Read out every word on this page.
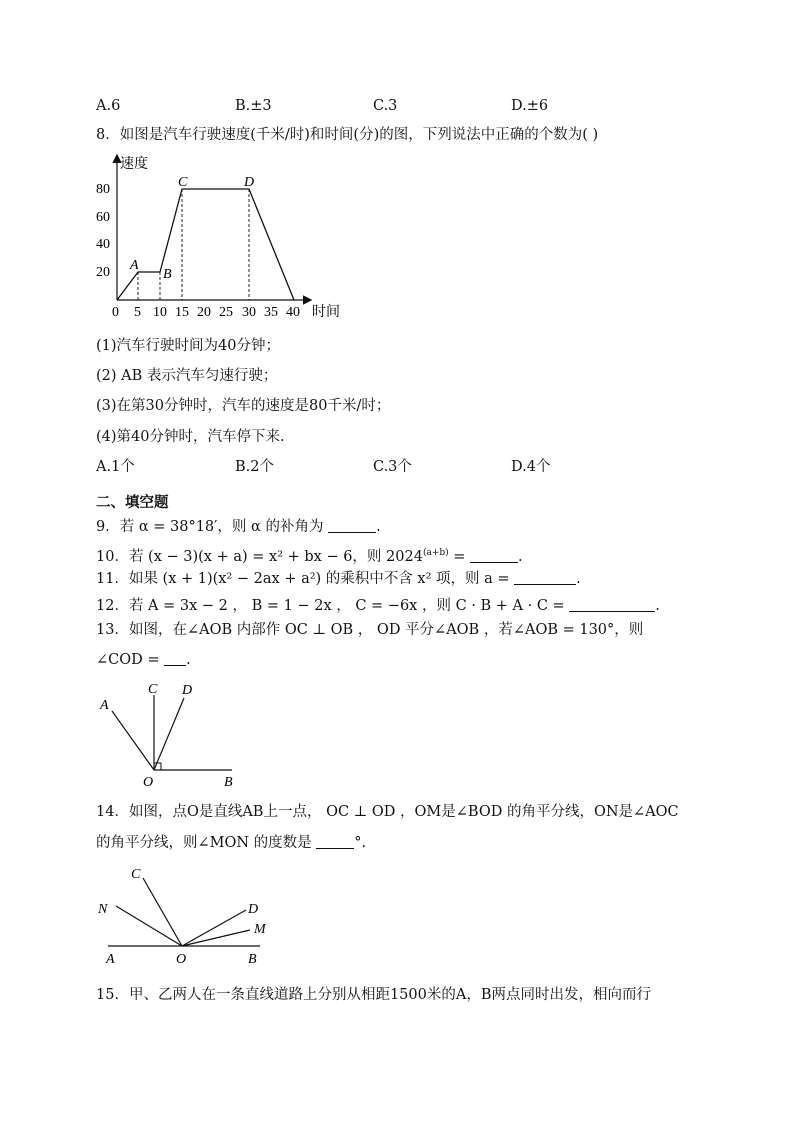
A.6	B.±3	C.3	D.±6
8．如图是汽车行驶速度(千米/时)和时间(分)的图，下列说法中正确的个数为( )
速度
时间
80
60
40
20
0 5 10 15 20 25 30 35 40
A
B
C	D
(1)汽车行驶时间为40分钟；
(2) AB 表示汽车匀速行驶；
(3)在第30分钟时，汽车的速度是80千米/时；
(4)第40分钟时，汽车停下来.
A.1个	B.2个	C.3个	D.4个
二、填空题
9．若 α = 38°18′，则 α 的补角为	.
10．若 (x − 3)(x + a) = x² + bx − 6，则 $2024^{(a+b)}$ =	.
11．如果 (x + 1)(x² − 2ax + a²) 的乘积中不含 x² 项，则 a =	.
12．若 A = 3x − 2 ， B = 1 − 2x ， C = −6x ，则 C · B + A · C =	.
13．如图，在∠AOB 内部作 OC ⊥ OB ， OD 平分∠AOB ，若∠AOB = 130°，则
∠COD = .
A
C D
O	B
14．如图，点O是直线AB上一点， OC ⊥ OD ，OM是∠BOD 的角平分线，ON是∠AOC
的角平分线，则∠MON 的度数是	°.
C
N	D
M
A	O	B
15．甲、乙两人在一条直线道路上分别从相距1500米的A，B两点同时出发，相向而行
